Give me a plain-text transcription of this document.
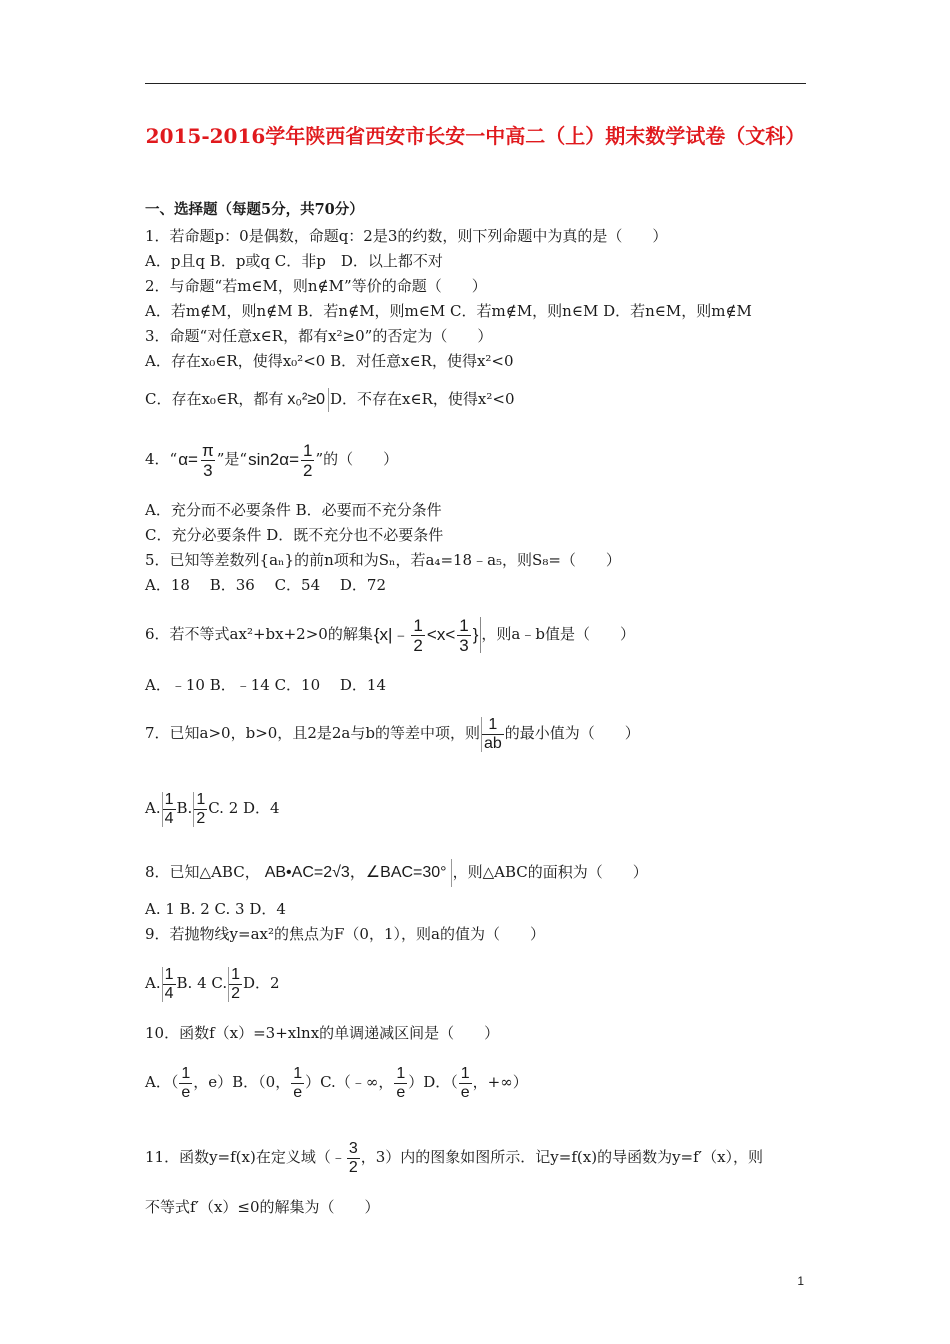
2015-2016学年陕西省西安市长安一中高二（上）期末数学试卷（文科）
一、选择题（每题5分，共70分）
1．若命题p：0是偶数，命题q：2是3的约数，则下列命题中为真的是（　　）
A．p且q B．p或q C．非p　D．以上都不对
2．与命题“若m∈M，则n∉M”等价的命题（　　）
A．若m∉M，则n∉M B．若n∉M，则m∈M C．若m∉M，则n∈M D．若n∈M，则m∉M
3．命题“对任意x∈R，都有x²≥0”的否定为（　　）
A．存在x₀∈R，使得x₀²<0 B．对任意x∈R，使得x²<0
C．存在x₀∈R，都有 x₀²≥0 D．不存在x∈R，使得x²<0
4．“$\alpha= \frac{\pi}{3}$ ”是“$\sin 2\alpha= \frac{1}{2}$ ”的（　　）
A．充分而不必要条件 B．必要而不充分条件
C．充分必要条件 D．既不充分也不必要条件
5．已知等差数列{aₙ}的前n项和为Sₙ，若a₄=18﹣a₅，则S₈=（　　）
A．18　 B．36　 C．54　 D．72
6．若不等式ax²+bx+2>0的解集{x|﹣ $\frac{1}{2} <x< \frac{1}{3}$ } ，则a﹣b值是（　　）
A．﹣10 B．﹣14 C．10　 D．14
7．已知a>0，b>0，且2是2a与b的等差中项，则 $\frac{1}{ab}$ 的最小值为（　　）
A. $\frac{1}{4} B$. $\frac{1}{2} C$. 2 D．4
8．已知△ABC， AB•AC=2√3，∠BAC=30° ，则△ABC的面积为（　　）
A. 1 B. 2 C. 3 D．4
9．若抛物线y=ax²的焦点为F（0，1），则a的值为（　　）
A. $\frac{1}{4} B$. 4 C. $\frac{1}{2}$ D．2
10．函数f（x）=3+xlnx的单调递减区间是（　　）
A．（ $\frac{1}{e}$ ，e）B．（0， $\frac{1}{e}$ ）C.（﹣∞， $\frac{1}{e} )D$．（ $\frac{1}{e}$ ，+∞）
11．函数y=f(x)在定义域（﹣ $\frac{3}{2}$ ，3）内的图象如图所示．记y=f(x)的导函数为y=f′（x），则
不等式f′（x）≤0的解集为（　　）
1
